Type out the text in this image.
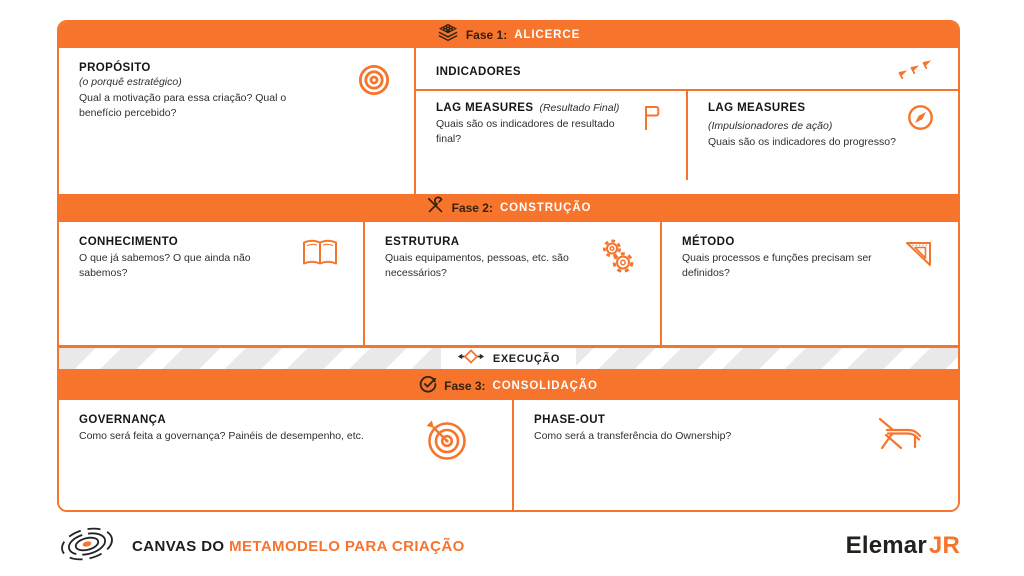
Fase 1: ALICERCE
PROPÓSITO
(o porquê estratégico)
Qual a motivação para essa criação? Qual o benefício percebido?
INDICADORES
LAG MEASURES (Resultado Final)
Quais são os indicadores de resultado final?
LAG MEASURES
(Impulsionadores de ação)
Quais são os indicadores do progresso?
Fase 2: CONSTRUÇÃO
CONHECIMENTO
O que já sabemos? O que ainda não sabemos?
ESTRUTURA
Quais equipamentos, pessoas, etc. são necessários?
MÉTODO
Quais processos e funções precisam ser definidos?
EXECUÇÃO
Fase 3: CONSOLIDAÇÃO
GOVERNANÇA
Como será feita a governança? Painéis de desempenho, etc.
PHASE-OUT
Como será a transferência do Ownership?
CANVAS DO METAMODELO PARA CRIAÇÃO	Elemar JR
